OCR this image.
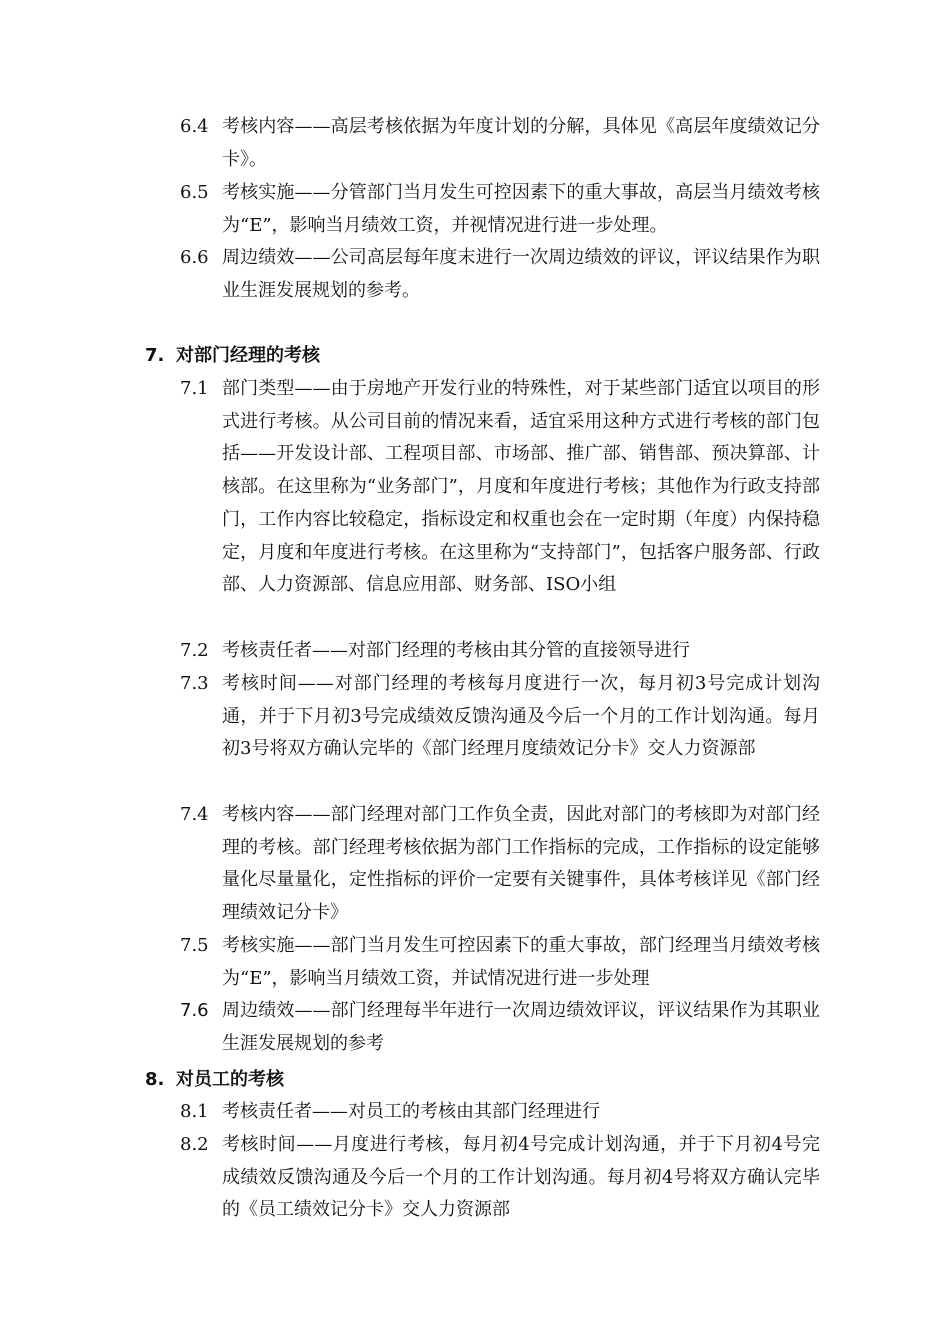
6.4 考核内容——高层考核依据为年度计划的分解，具体见《高层年度绩效记分卡》。
6.5 考核实施——分管部门当月发生可控因素下的重大事故，高层当月绩效考核为“E”，影响当月绩效工资，并视情况进行进一步处理。
6.6 周边绩效——公司高层每年度末进行一次周边绩效的评议，评议结果作为职业生涯发展规划的参考。
7. 对部门经理的考核
7.1 部门类型——由于房地产开发行业的特殊性，对于某些部门适宜以项目的形式进行考核。从公司目前的情况来看，适宜采用这种方式进行考核的部门包括——开发设计部、工程项目部、市场部、推广部、销售部、预决算部、计核部。在这里称为“业务部门”，月度和年度进行考核；其他作为行政支持部门，工作内容比较稳定，指标设定和权重也会在一定时期（年度）内保持稳定，月度和年度进行考核。在这里称为“支持部门”，包括客户服务部、行政部、人力资源部、信息应用部、财务部、ISO小组
7.2 考核责任者——对部门经理的考核由其分管的直接领导进行
7.3 考核时间——对部门经理的考核每月度进行一次，每月初3号完成计划沟通，并于下月初3号完成绩效反馈沟通及今后一个月的工作计划沟通。每月初3号将双方确认完毕的《部门经理月度绩效记分卡》交人力资源部
7.4 考核内容——部门经理对部门工作负全责，因此对部门的考核即为对部门经理的考核。部门经理考核依据为部门工作指标的完成，工作指标的设定能够量化尽量量化，定性指标的评价一定要有关键事件，具体考核详见《部门经理绩效记分卡》
7.5 考核实施——部门当月发生可控因素下的重大事故，部门经理当月绩效考核为“E”，影响当月绩效工资，并试情况进行进一步处理
7.6 周边绩效——部门经理每半年进行一次周边绩效评议，评议结果作为其职业生涯发展规划的参考
8. 对员工的考核
8.1 考核责任者——对员工的考核由其部门经理进行
8.2 考核时间——月度进行考核，每月初4号完成计划沟通，并于下月初4号完成绩效反馈沟通及今后一个月的工作计划沟通。每月初4号将双方确认完毕的《员工绩效记分卡》交人力资源部
